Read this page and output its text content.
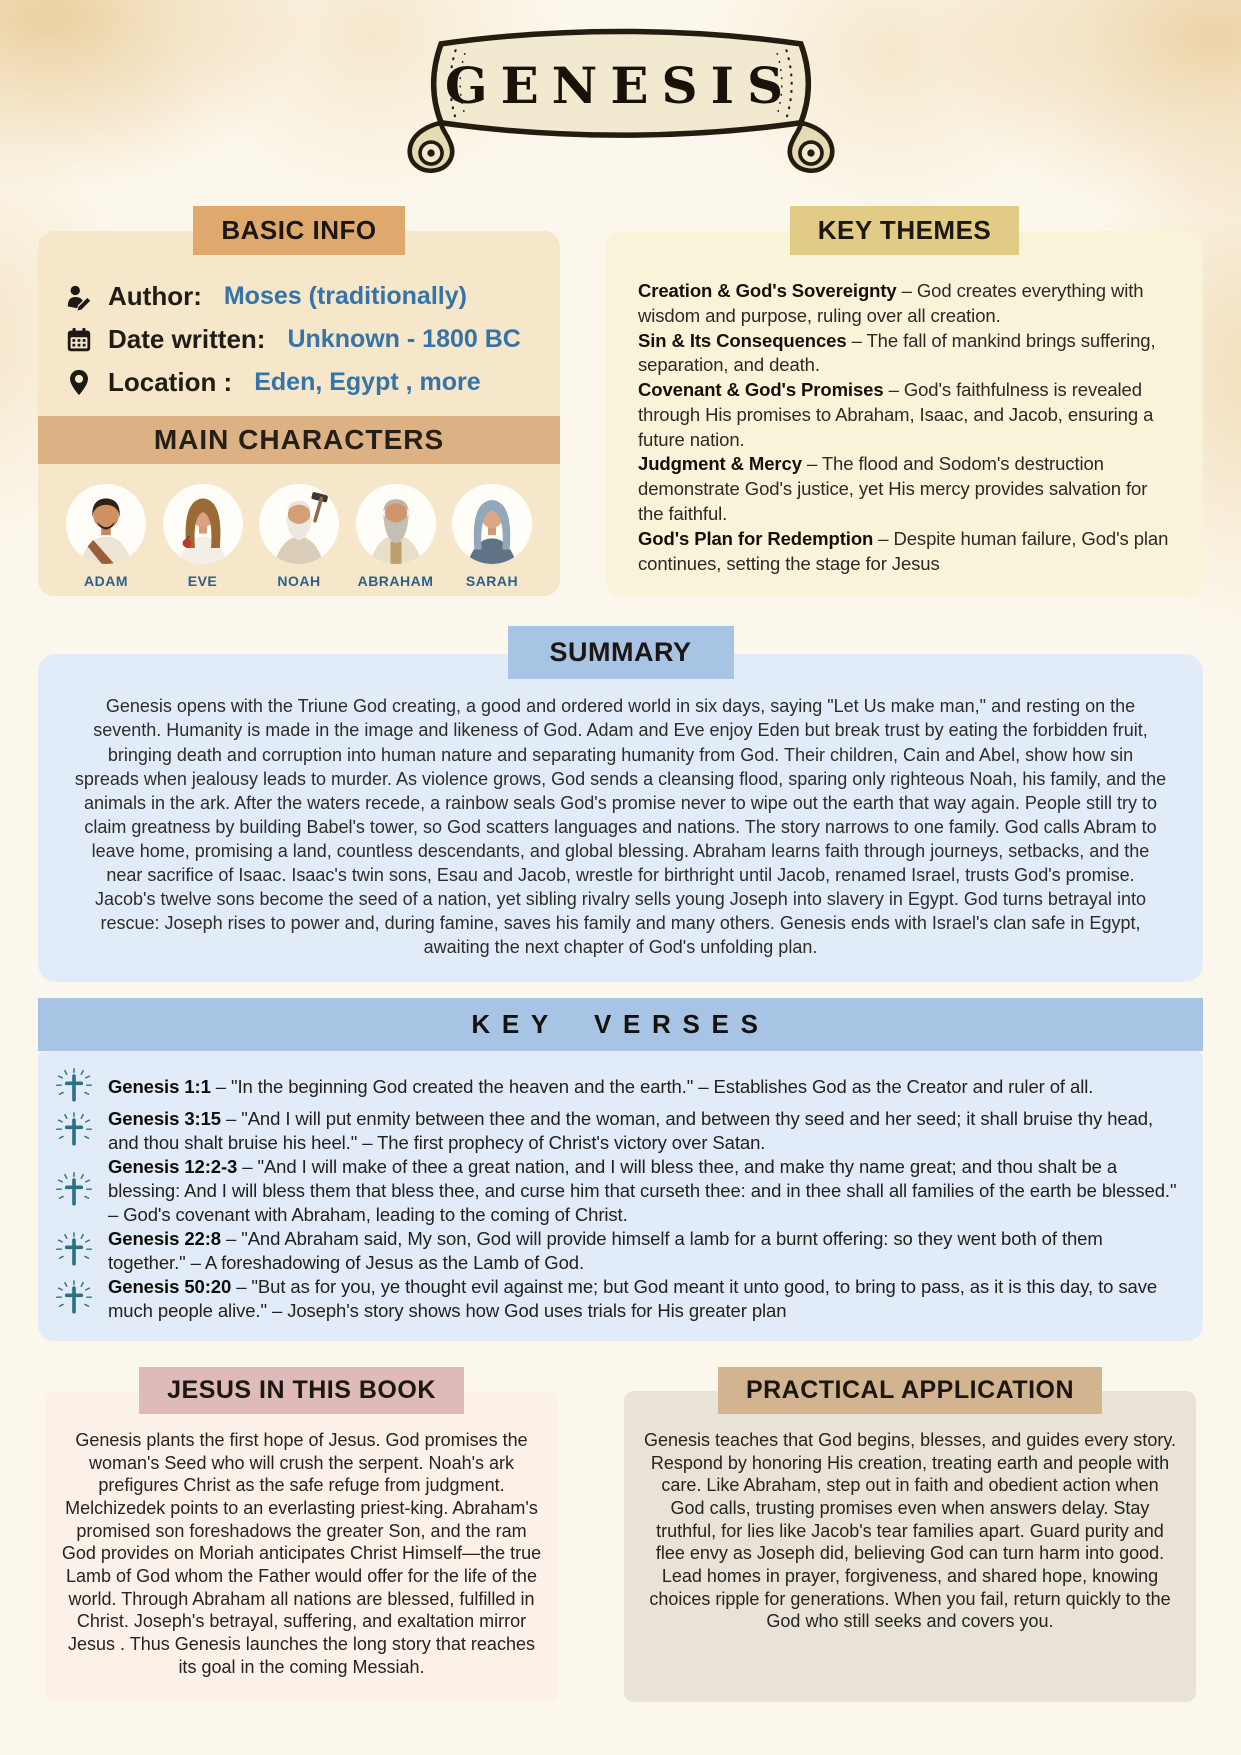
GENESIS
BASIC INFO
Author: Moses (traditionally)
Date written: Unknown - 1800 BC
Location : Eden, Egypt , more
MAIN CHARACTERS
ADAM	EVE	NOAH	ABRAHAM SARAH
KEY THEMES

Creation & God's Sovereignty – God creates everything with wisdom and purpose, ruling over all creation.

Sin & Its Consequences – The fall of mankind brings suffering, separation, and death.

Covenant & God's Promises – God's faithfulness is revealed through His promises to Abraham, Isaac, and Jacob, ensuring a future nation.

Judgment & Mercy – The flood and Sodom's destruction demonstrate God's justice, yet His mercy provides salvation for the faithful.

God's Plan for Redemption – Despite human failure, God's plan continues, setting the stage for Jesus

SUMMARY

Genesis opens with the Triune God creating, a good and ordered world in six days, saying "Let Us make man," and resting on the seventh. Humanity is made in the image and likeness of God. Adam and Eve enjoy Eden but break trust by eating the forbidden fruit, bringing death and corruption into human nature and separating humanity from God. Their children, Cain and Abel, show how sin spreads when jealousy leads to murder. As violence grows, God sends a cleansing flood, sparing only righteous Noah, his family, and the animals in the ark. After the waters recede, a rainbow seals God's promise never to wipe out the earth that way again. People still try to claim greatness by building Babel's tower, so God scatters languages and nations. The story narrows to one family. God calls Abram to leave home, promising a land, countless descendants, and global blessing. Abraham learns faith through journeys, setbacks, and the near sacrifice of Isaac. Isaac's twin sons, Esau and Jacob, wrestle for birthright until Jacob, renamed Israel, trusts God's promise. Jacob's twelve sons become the seed of a nation, yet sibling rivalry sells young Joseph into slavery in Egypt. God turns betrayal into rescue: Joseph rises to power and, during famine, saves his family and many others. Genesis ends with Israel's clan safe in Egypt, awaiting the next chapter of God's unfolding plan.

KEY VERSES

Genesis 1:1 – "In the beginning God created the heaven and the earth." – Establishes God as the Creator and ruler of all.

Genesis 3:15 – "And I will put enmity between thee and the woman, and between thy seed and her seed; it shall bruise thy head, and thou shalt bruise his heel." – The first prophecy of Christ's victory over Satan.

Genesis 12:2-3 – "And I will make of thee a great nation, and I will bless thee, and make thy name great; and thou shalt be a blessing: And I will bless them that bless thee, and curse him that curseth thee: and in thee shall all families of the earth be blessed." – God's covenant with Abraham, leading to the coming of Christ.

Genesis 22:8 – "And Abraham said, My son, God will provide himself a lamb for a burnt offering: so they went both of them together." – A foreshadowing of Jesus as the Lamb of God.

Genesis 50:20 – "But as for you, ye thought evil against me; but God meant it unto good, to bring to pass, as it is this day, to save much people alive." – Joseph's story shows how God uses trials for His greater plan

JESUS IN THIS BOOK

Genesis plants the first hope of Jesus. God promises the woman's Seed who will crush the serpent. Noah's ark prefigures Christ as the safe refuge from judgment. Melchizedek points to an everlasting priest-king. Abraham's promised son foreshadows the greater Son, and the ram God provides on Moriah anticipates Christ Himself—the true Lamb of God whom the Father would offer for the life of the world. Through Abraham all nations are blessed, fulfilled in Christ. Joseph's betrayal, suffering, and exaltation mirror Jesus . Thus Genesis launches the long story that reaches its goal in the coming Messiah.

PRACTICAL APPLICATION

Genesis teaches that God begins, blesses, and guides every story. Respond by honoring His creation, treating earth and people with care. Like Abraham, step out in faith and obedient action when God calls, trusting promises even when answers delay. Stay truthful, for lies like Jacob's tear families apart. Guard purity and flee envy as Joseph did, believing God can turn harm into good. Lead homes in prayer, forgiveness, and shared hope, knowing choices ripple for generations. When you fail, return quickly to the God who still seeks and covers you.
